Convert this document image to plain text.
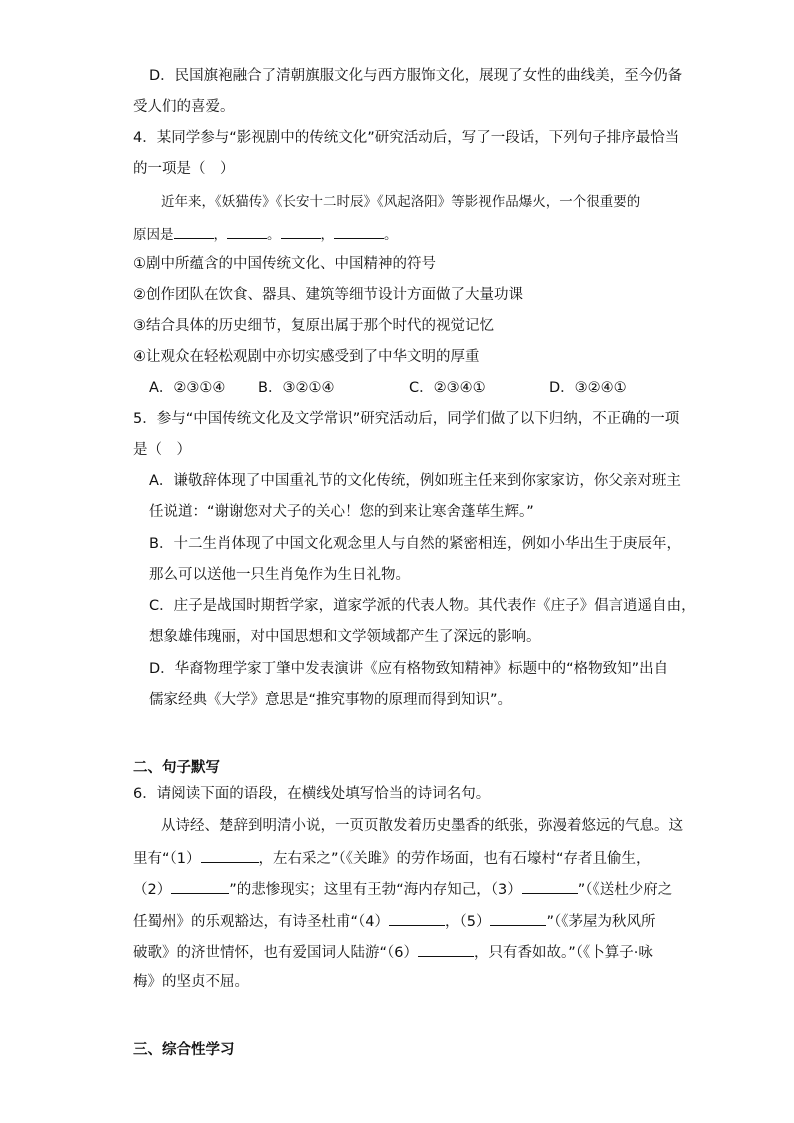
D．民国旗袍融合了清朝旗服文化与西方服饰文化，展现了女性的曲线美，至今仍备
受人们的喜爱。
4．某同学参与“影视剧中的传统文化”研究活动后，写了一段话，下列句子排序最恰当
的一项是（　）
近年来，《妖猫传》《长安十二时辰》《风起洛阳》等影视作品爆火，一个很重要的
原因是	，	。	，	。
①剧中所蕴含的中国传统文化、中国精神的符号
②创作团队在饮食、器具、建筑等细节设计方面做了大量功课
③结合具体的历史细节，复原出属于那个时代的视觉记忆
④让观众在轻松观剧中亦切实感受到了中华文明的厚重
A．②③①④ B．③②①④	C．②③④①	D．③②④①
5．参与“中国传统文化及文学常识”研究活动后，同学们做了以下归纳，不正确的一项
是（　）
A．谦敬辞体现了中国重礼节的文化传统，例如班主任来到你家家访，你父亲对班主
任说道：“谢谢您对犬子的关心！您的到来让寒舍蓬荜生辉。”
B．十二生肖体现了中国文化观念里人与自然的紧密相连，例如小华出生于庚辰年，
那么可以送他一只生肖兔作为生日礼物。
C．庄子是战国时期哲学家，道家学派的代表人物。其代表作《庄子》倡言逍遥自由，
想象雄伟瑰丽，对中国思想和文学领域都产生了深远的影响。
D．华裔物理学家丁肇中发表演讲《应有格物致知精神》标题中的“格物致知”出自
儒家经典《大学》意思是“推究事物的原理而得到知识”。
二、句子默写
6．请阅读下面的语段，在横线处填写恰当的诗词名句。
从诗经、楚辞到明清小说，一页页散发着历史墨香的纸张，弥漫着悠远的气息。这
里有“（1）	，左右采之”（《关雎》的劳作场面，也有石壕村“存者且偷生，
（2）	”的悲惨现实；这里有王勃“海内存知己，（3）	”（《送杜少府之
任蜀州》的乐观豁达，有诗圣杜甫“（4）	，（5）	”（《茅屋为秋风所
破歌》的济世情怀，也有爱国词人陆游“（6）	，只有香如故。”（《卜算子·咏
梅》的坚贞不屈。
三、综合性学习
